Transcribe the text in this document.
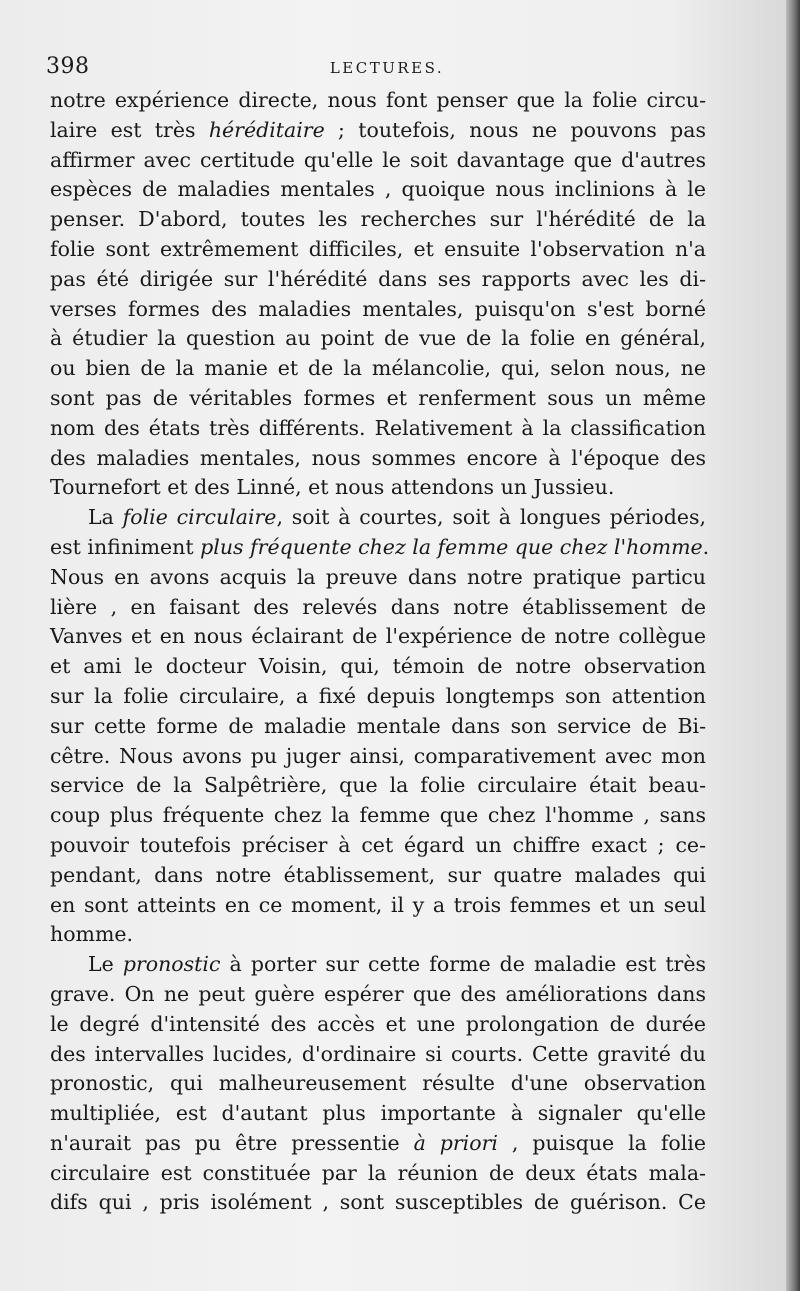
398	LECTURES.
notre expérience directe, nous font penser que la folie circu-
laire est très héréditaire ; toutefois, nous ne pouvons pas
affirmer avec certitude qu'elle le soit davantage que d'autres
espèces de maladies mentales , quoique nous inclinions à le
penser. D'abord, toutes les recherches sur l'hérédité de la
folie sont extrêmement difficiles, et ensuite l'observation n'a
pas été dirigée sur l'hérédité dans ses rapports avec les di-
verses formes des maladies mentales, puisqu'on s'est borné
à étudier la question au point de vue de la folie en général,
ou bien de la manie et de la mélancolie, qui, selon nous, ne
sont pas de véritables formes et renferment sous un même
nom des états très différents. Relativement à la classification
des maladies mentales, nous sommes encore à l'époque des
Tournefort et des Linné, et nous attendons un Jussieu.
La folie circulaire, soit à courtes, soit à longues périodes,
est infiniment plus fréquente chez la femme que chez l'homme.
Nous en avons acquis la preuve dans notre pratique particu
lière , en faisant des relevés dans notre établissement de
Vanves et en nous éclairant de l'expérience de notre collègue
et ami le docteur Voisin, qui, témoin de notre observation
sur la folie circulaire, a fixé depuis longtemps son attention
sur cette forme de maladie mentale dans son service de Bi-
cêtre. Nous avons pu juger ainsi, comparativement avec mon
service de la Salpêtrière, que la folie circulaire était beau-
coup plus fréquente chez la femme que chez l'homme , sans
pouvoir toutefois préciser à cet égard un chiffre exact ; ce-
pendant, dans notre établissement, sur quatre malades qui
en sont atteints en ce moment, il y a trois femmes et un seul
homme.
Le pronostic à porter sur cette forme de maladie est très
grave. On ne peut guère espérer que des améliorations dans
le degré d'intensité des accès et une prolongation de durée
des intervalles lucides, d'ordinaire si courts. Cette gravité du
pronostic, qui malheureusement résulte d'une observation
multipliée, est d'autant plus importante à signaler qu'elle
n'aurait pas pu être pressentie à priori , puisque la folie
circulaire est constituée par la réunion de deux états mala-
difs qui , pris isolément , sont susceptibles de guérison. Ce
